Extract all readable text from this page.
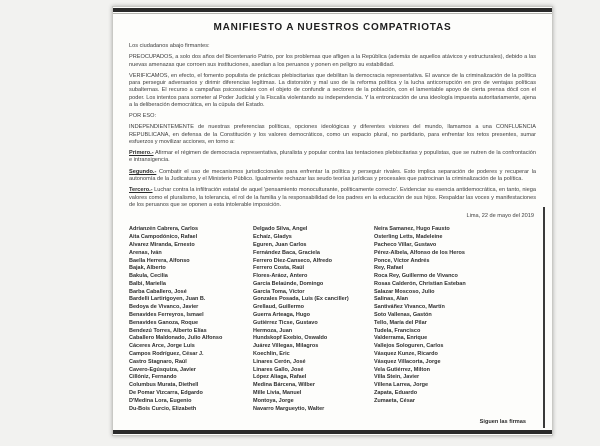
MANIFIESTO A NUESTROS COMPATRIOTAS

Los ciudadanos abajo firmantes:

PREOCUPADOS, a solo dos años del Bicentenario Patrio, por los problemas que afligen a la República (además de aquellos atávicos y estructurales), debido a las nuevas amenazas que corroen sus instituciones, asedian a los peruanos y ponen en peligro su estabilidad.

VERIFICAMOS, en efecto, el fomento populista de prácticas plebiscitarias que debilitan la democracia representativa. El avance de la criminalización de la política para perseguir adversarios y dirimir diferencias legítimas. La distorsión y mal uso de la reforma política y la lucha anticorrupción en pro de ventajas políticas subalternas. El recurso a campañas psicosociales con el objeto de confundir a sectores de la población, con el lamentable apoyo de cierta prensa dócil con el poder. Los intentos para someter al Poder Judicial y la Fiscalía violentando su independencia. Y la entronización de una ideología impuesta autoritariamente, ajena a la deliberación democrática, en la cúpula del Estado.

POR ESO:

INDEPENDIENTEMENTE de nuestras preferencias políticas, opciones ideológicas y diferentes visiones del mundo, llamamos a una CONFLUENCIA REPUBLICANA, en defensa de la Constitución y los valores democráticos, como un espacio plural, no partidario, para enfrentar los retos presentes, sumar esfuerzos y movilizar acciones, en torno a:

Primero.- Afirmar el régimen de democracia representativa, pluralista y popular contra las tentaciones plebiscitarias y populistas, que se nutren de la confrontación e intransigencia.

Segundo.- Combatir el uso de mecanismos jurisdiccionales para enfrentar la política y perseguir rivales. Esto implica separación de poderes y recuperar la autonomía de la Judicatura y el Ministerio Público. Igualmente rechazar las seudo teorías jurídicas y procesales que patrocinan la criminalización de la política.

Tercero.- Luchar contra la infiltración estatal de aquel 'pensamiento monoculturante, políticamente correcto'. Evidenciar su esencia antidemocrática, en tanto, niega valores como el pluralismo, la tolerancia, el rol de la familia y la responsabilidad de los padres en la educación de sus hijos. Respaldar las voces y manifestaciones de los peruanos que se oponen a esta intolerable imposición.

Lima, 22 de mayo del 2019

Adrianzén Cabrera, Carlos
Aita Campodónico, Rafael
Álvarez Miranda, Ernesto
Arenas, Iván
Baella Herrera, Alfonso
Bajak, Alberto
Bakula, Cecilia
Balbi, Mariella
Barba Caballero, José
Bardelli Lartirigoyen, Juan B.
Bedoya de Vivanco, Javier
Benavides Ferreyros, Ismael
Benavides Ganoza, Roque
Bendezú Torres, Alberto Elías
Caballero Maldonado, Julio Alfonso
Cáceres Arce, Jorge Luis
Campos Rodríguez, César J.
Castro Stagnaro, Raúl
Cavero-Egúsquiza, Javier
Cillóniz, Fernando
Columbus Murata, Diethell
De Pomar Vizcarra, Edgardo
D'Medina Lora, Eugenio
Du-Bois Curcio, Elizabeth
Delgado Silva, Ángel
Echaíz, Gladys
Eguren, Juan Carlos
Fernández Baca, Graciela
Ferrero Diez-Canseco, Alfredo
Ferrero Costa, Raúl
Flores-Aráoz, Ántero
García Belaúnde, Domingo
García Toma, Víctor
Gonzales Posada, Luis (Ex canciller)
Grellaud, Guillermo
Guerra Arteaga, Hugo
Gutiérrez Ticse, Gustavo
Hermoza, Juan
Hundskopf Exebio, Oswaldo
Juárez Villegas, Milagros
Koechlin, Eric
Linares Cerón, José
Linares Gallo, José
López Aliaga, Rafael
Medina Bárcena, Wilber
Mille Livia, Manuel
Montoya, Jorge
Navarro Margueytio, Walter
Neira Samanez, Hugo Fausto
Osterling Letts, Madeleine
Pacheco Villar, Gustavo
Pérez-Albela, Alfonso de los Heros
Ponce, Víctor Andrés
Rey, Rafael
Roca Rey, Guillermo de Vivanco
Rosas Calderón, Christian Esteban
Salazar Moscoso, Julio
Salinas, Alan
Santiváñez Vivanco, Martín
Soto Vallenas, Gastón
Tello, María del Pilar
Tudela, Francisco
Valderrama, Enrique
Vallejos Sologuren, Carlos
Vásquez Kunze, Ricardo
Vásquez Villacorta, Jorge
Vela Gutiérrez, Milton
Villa Stein, Javier
Villena Larrea, Jorge
Zapata, Eduardo
Zumaeta, César
Siguen las firmas
